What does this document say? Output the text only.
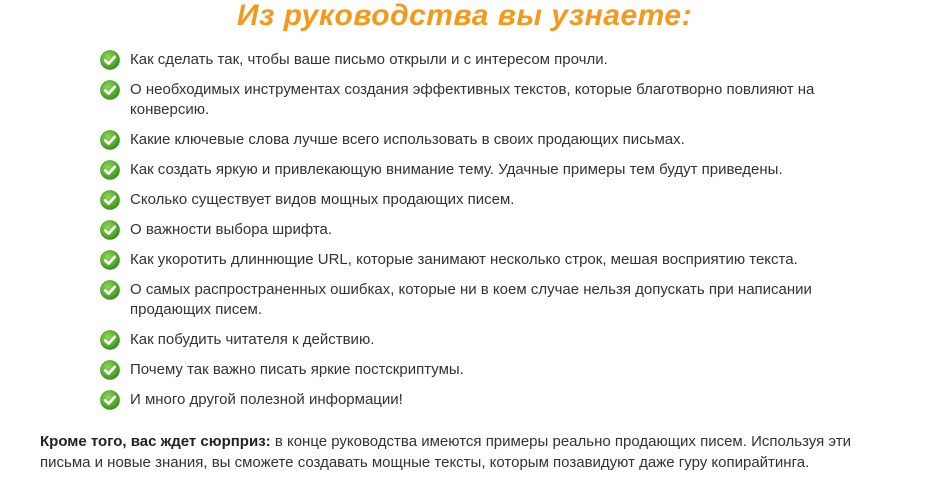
Из руководства вы узнаете:
Как сделать так, чтобы ваше письмо открыли и с интересом прочли.
О необходимых инструментах создания эффективных текстов, которые благотворно повлияют на конверсию.
Какие ключевые слова лучше всего использовать в своих продающих письмах.
Как создать яркую и привлекающую внимание тему. Удачные примеры тем будут приведены.
Сколько существует видов мощных продающих писем.
О важности выбора шрифта.
Как укоротить длиннющие URL, которые занимают несколько строк, мешая восприятию текста.
О самых распространенных ошибках, которые ни в коем случае нельзя допускать при написании продающих писем.
Как побудить читателя к действию.
Почему так важно писать яркие постскриптумы.
И много другой полезной информации!
Кроме того, вас ждет сюрприз: в конце руководства имеются примеры реально продающих писем. Используя эти письма и новые знания, вы сможете создавать мощные тексты, которым позавидуют даже гуру копирайтинга.
